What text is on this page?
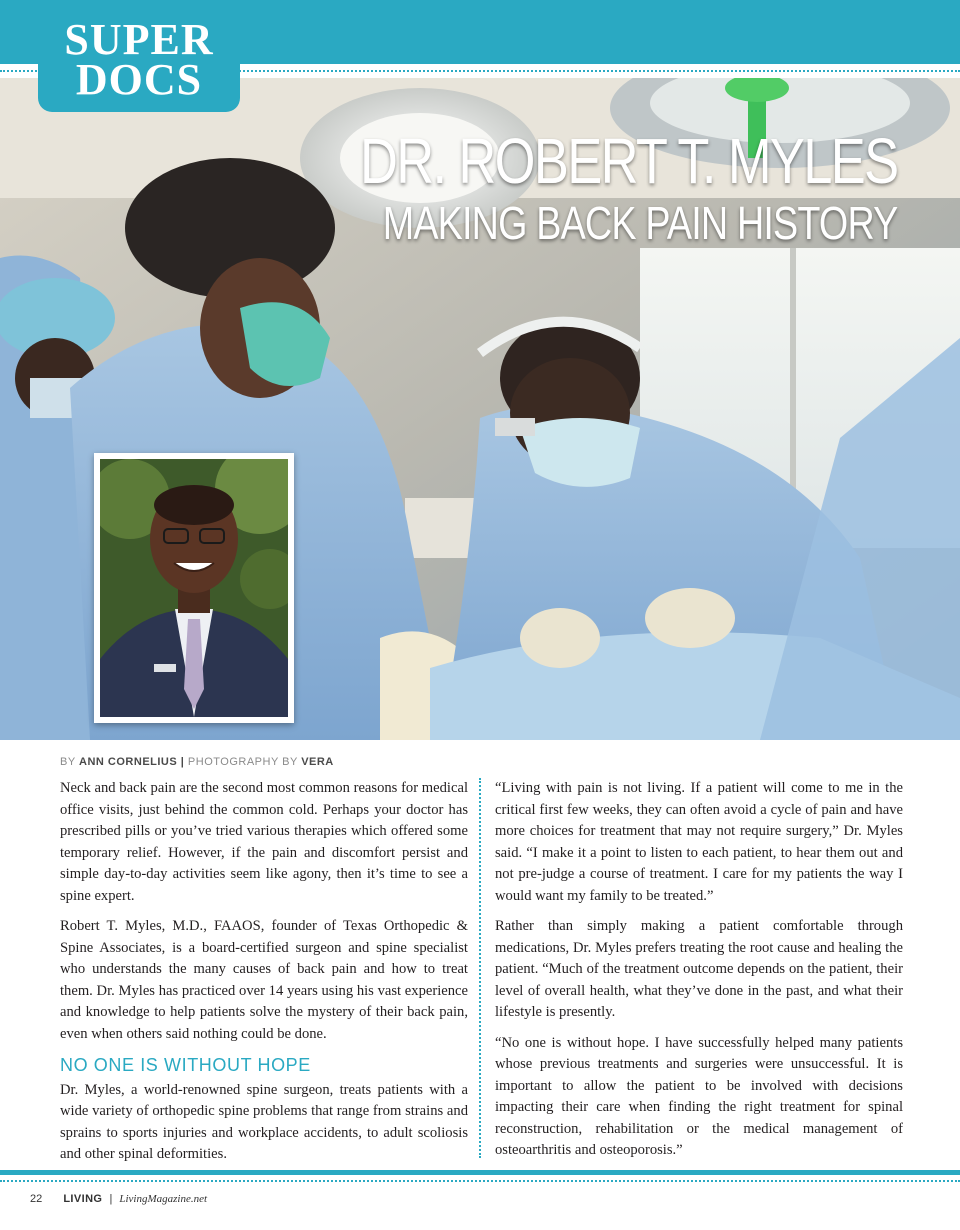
SUPER
DOCS
DR. ROBERT T. MYLES
MAKING BACK PAIN HISTORY
BY ANN CORNELIUS | PHOTOGRAPHY BY VERA

Neck and back pain are the second most common reasons for medical office visits, just behind the common cold. Perhaps your doctor has prescribed pills or you’ve tried various therapies which offered some temporary relief. However, if the pain and discomfort persist and simple day-to-day activities seem like agony, then it’s time to see a spine expert.

Robert T. Myles, M.D., FAAOS, founder of Texas Orthopedic & Spine Associates, is a board-certified surgeon and spine specialist who understands the many causes of back pain and how to treat them. Dr. Myles has practiced over 14 years using his vast experience and knowledge to help patients solve the mystery of their back pain, even when others said nothing could be done.

NO ONE IS WITHOUT HOPE

Dr. Myles, a world-renowned spine surgeon, treats patients with a wide variety of orthopedic spine problems that range from strains and sprains to sports injuries and workplace accidents, to adult scoliosis and other spinal deformities.

“Living with pain is not living. If a patient will come to me in the critical first few weeks, they can often avoid a cycle of pain and have more choices for treatment that may not require surgery,” Dr. Myles said. “I make it a point to listen to each patient, to hear them out and not pre-judge a course of treatment. I care for my patients the way I would want my family to be treated.”

Rather than simply making a patient comfortable through medications, Dr. Myles prefers treating the root cause and healing the patient. “Much of the treatment outcome depends on the patient, their level of overall health, what they’ve done in the past, and what their lifestyle is presently.

“No one is without hope. I have successfully helped many patients whose previous treatments and surgeries were unsuccessful. It is important to allow the patient to be involved with decisions impacting their care when finding the right treatment for spinal reconstruction, rehabilitation or the medical management of osteoarthritis and osteoporosis.”

22 LIVING | LivingMagazine.net
